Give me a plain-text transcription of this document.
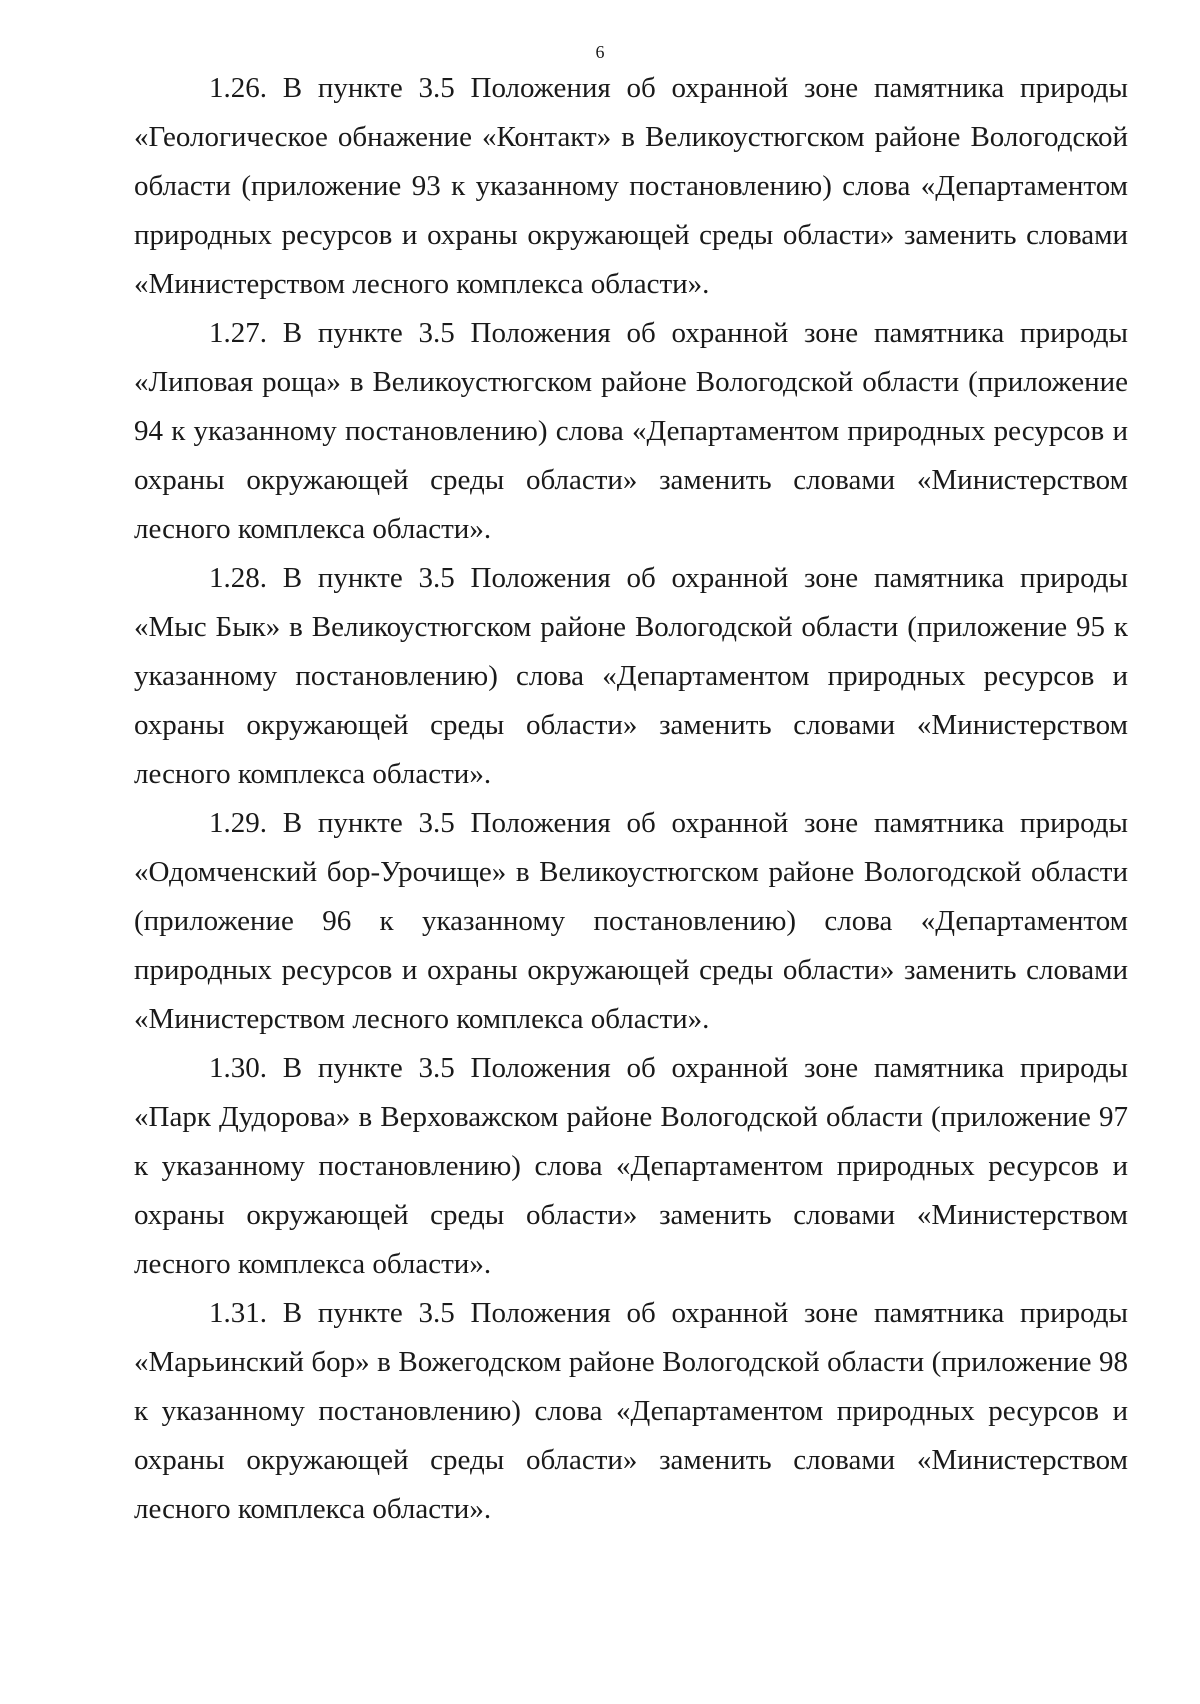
6

1.26. В пункте 3.5 Положения об охранной зоне памятника природы «Геологическое обнажение «Контакт» в Великоустюгском районе Вологодской области (приложение 93 к указанному постановлению) слова «Департаментом природных ресурсов и охраны окружающей среды области» заменить словами «Министерством лесного комплекса области».

1.27. В пункте 3.5 Положения об охранной зоне памятника природы «Липовая роща» в Великоустюгском районе Вологодской области (приложение 94 к указанному постановлению) слова «Департаментом природных ресурсов и охраны окружающей среды области» заменить словами «Министерством лесного комплекса области».

1.28. В пункте 3.5 Положения об охранной зоне памятника природы «Мыс Бык» в Великоустюгском районе Вологодской области (приложение 95 к указанному постановлению) слова «Департаментом природных ресурсов и охраны окружающей среды области» заменить словами «Министерством лесного комплекса области».

1.29. В пункте 3.5 Положения об охранной зоне памятника природы «Одомченский бор-Урочище» в Великоустюгском районе Вологодской области (приложение 96 к указанному постановлению) слова «Департаментом природных ресурсов и охраны окружающей среды области» заменить словами «Министерством лесного комплекса области».

1.30. В пункте 3.5 Положения об охранной зоне памятника природы «Парк Дудорова» в Верховажском районе Вологодской области (приложение 97 к указанному постановлению) слова «Департаментом природных ресурсов и охраны окружающей среды области» заменить словами «Министерством лесного комплекса области».

1.31. В пункте 3.5 Положения об охранной зоне памятника природы «Марьинский бор» в Вожегодском районе Вологодской области (приложение 98 к указанному постановлению) слова «Департаментом природных ресурсов и охраны окружающей среды области» заменить словами «Министерством лесного комплекса области».
